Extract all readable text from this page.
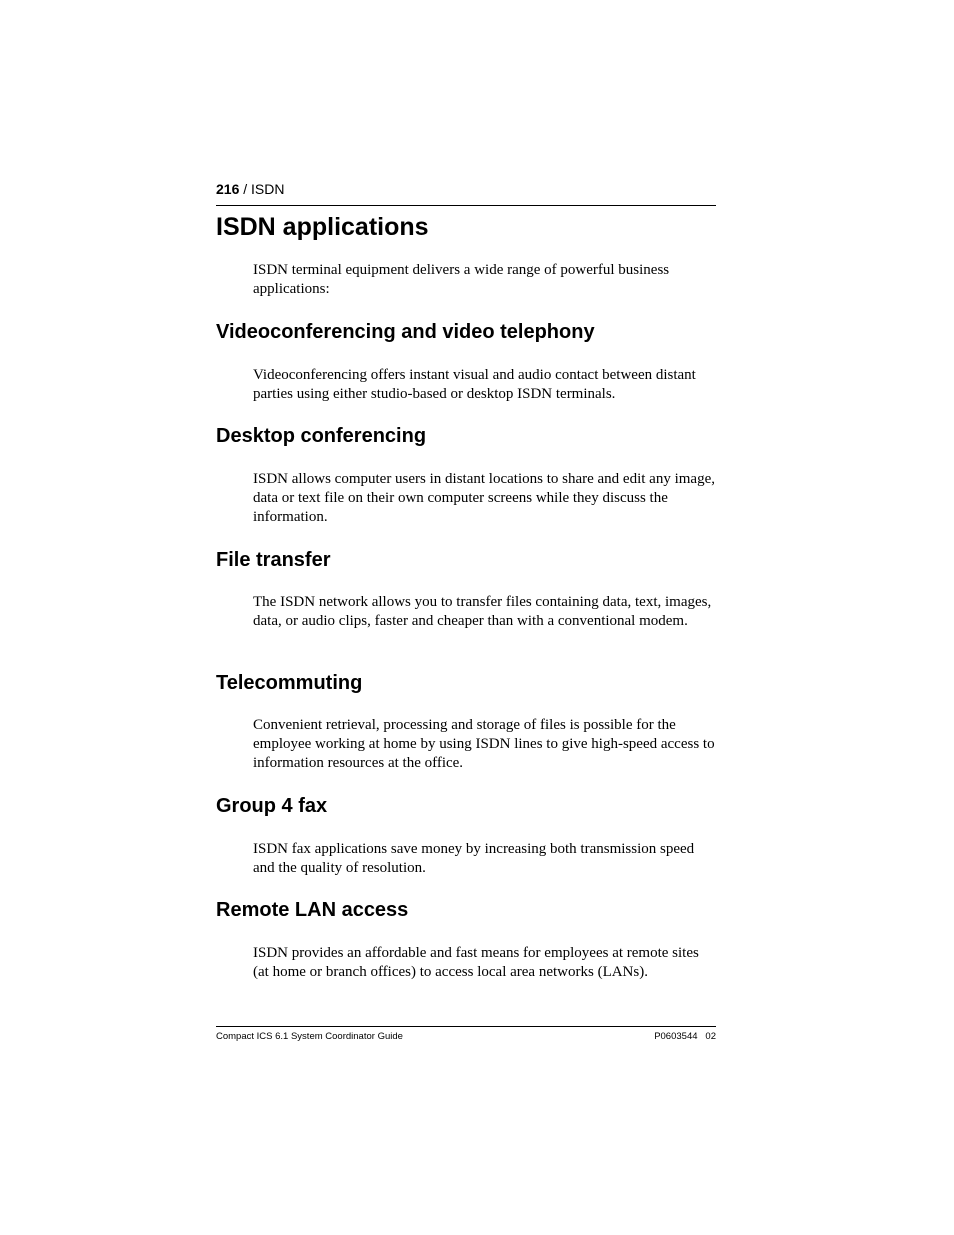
216 / ISDN
ISDN applications

ISDN terminal equipment delivers a wide range of powerful business applications:

Videoconferencing and video telephony

Videoconferencing offers instant visual and audio contact between distant parties using either studio-based or desktop ISDN terminals.

Desktop conferencing

ISDN allows computer users in distant locations to share and edit any image, data or text file on their own computer screens while they discuss the information.

File transfer

The ISDN network allows you to transfer files containing data, text, images, data, or audio clips, faster and cheaper than with a conventional modem.

Telecommuting

Convenient retrieval, processing and storage of files is possible for the employee working at home by using ISDN lines to give high-speed access to information resources at the office.

Group 4 fax

ISDN fax applications save money by increasing both transmission speed and the quality of resolution.

Remote LAN access

ISDN provides an affordable and fast means for employees at remote sites (at home or branch offices) to access local area networks (LANs).

Compact ICS 6.1 System Coordinator Guide	P0603544   02
